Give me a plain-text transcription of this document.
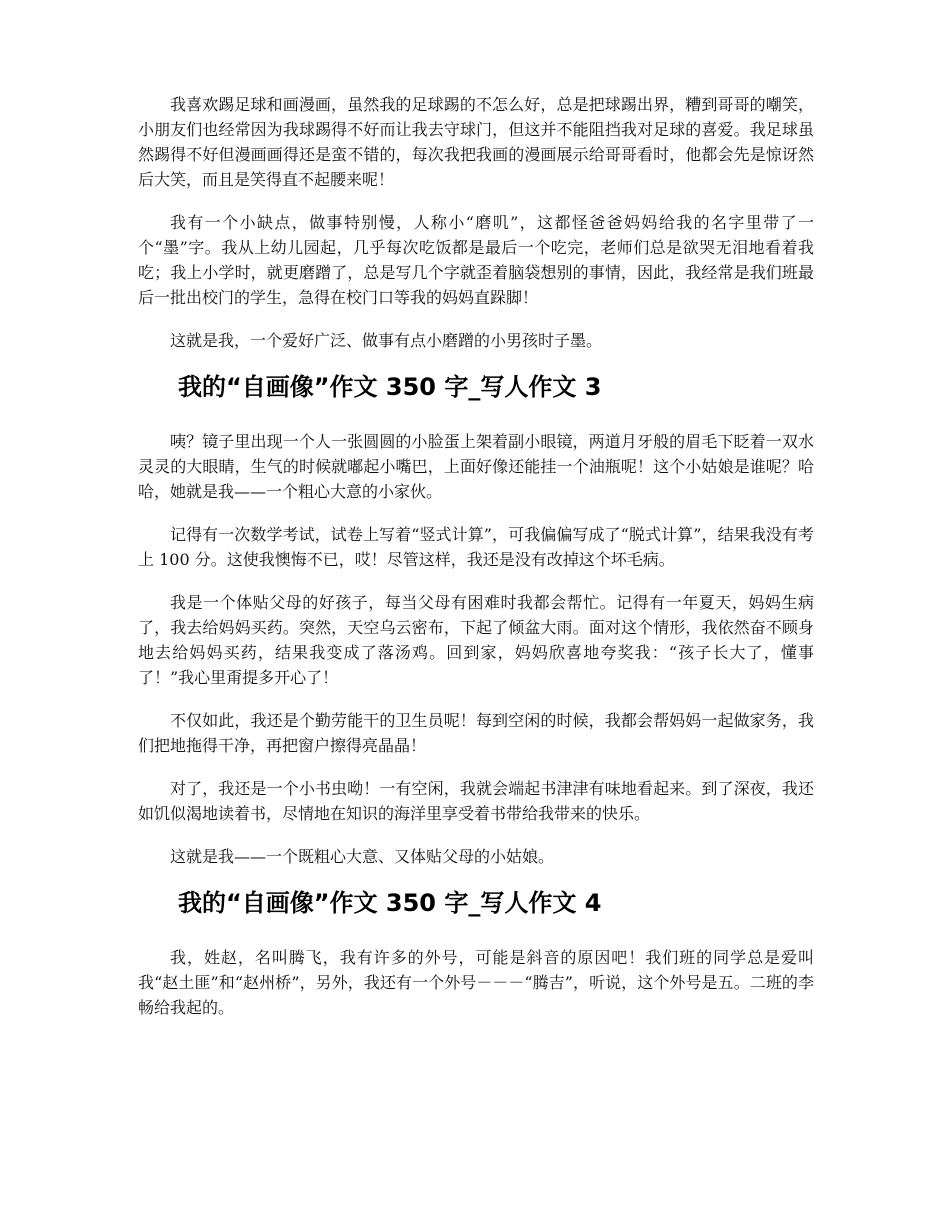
我喜欢踢足球和画漫画，虽然我的足球踢的不怎么好，总是把球踢出界，糟到哥哥的嘲笑，小朋友们也经常因为我球踢得不好而让我去守球门，但这并不能阻挡我对足球的喜爱。我足球虽然踢得不好但漫画画得还是蛮不错的，每次我把我画的漫画展示给哥哥看时，他都会先是惊讶然后大笑，而且是笑得直不起腰来呢！

我有一个小缺点，做事特别慢，人称小“磨叽”，这都怪爸爸妈妈给我的名字里带了一个“墨”字。我从上幼儿园起，几乎每次吃饭都是最后一个吃完，老师们总是欲哭无泪地看着我吃；我上小学时，就更磨蹭了，总是写几个字就歪着脑袋想别的事情，因此，我经常是我们班最后一批出校门的学生，急得在校门口等我的妈妈直跺脚！

这就是我，一个爱好广泛、做事有点小磨蹭的小男孩时子墨。

我的“自画像”作文 350 字_写人作文 3

咦？镜子里出现一个人一张圆圆的小脸蛋上架着副小眼镜，两道月牙般的眉毛下眨着一双水灵灵的大眼睛，生气的时候就嘟起小嘴巴，上面好像还能挂一个油瓶呢！这个小姑娘是谁呢？哈哈，她就是我——一个粗心大意的小家伙。

记得有一次数学考试，试卷上写着“竖式计算”，可我偏偏写成了“脱式计算”，结果我没有考上 100 分。这使我懊悔不已，哎！尽管这样，我还是没有改掉这个坏毛病。

我是一个体贴父母的好孩子，每当父母有困难时我都会帮忙。记得有一年夏天，妈妈生病了，我去给妈妈买药。突然，天空乌云密布，下起了倾盆大雨。面对这个情形，我依然奋不顾身地去给妈妈买药，结果我变成了落汤鸡。回到家，妈妈欣喜地夸奖我：“孩子长大了，懂事了！”我心里甭提多开心了！

不仅如此，我还是个勤劳能干的卫生员呢！每到空闲的时候，我都会帮妈妈一起做家务，我们把地拖得干净，再把窗户擦得亮晶晶！

对了，我还是一个小书虫呦！一有空闲，我就会端起书津津有味地看起来。到了深夜，我还如饥似渴地读着书，尽情地在知识的海洋里享受着书带给我带来的快乐。

这就是我——一个既粗心大意、又体贴父母的小姑娘。

我的“自画像”作文 350 字_写人作文 4

我，姓赵，名叫腾飞，我有许多的外号，可能是斜音的原因吧！我们班的同学总是爱叫我“赵土匪”和“赵州桥”，另外，我还有一个外号－－－“腾吉”，听说，这个外号是五。二班的李畅给我起的。
